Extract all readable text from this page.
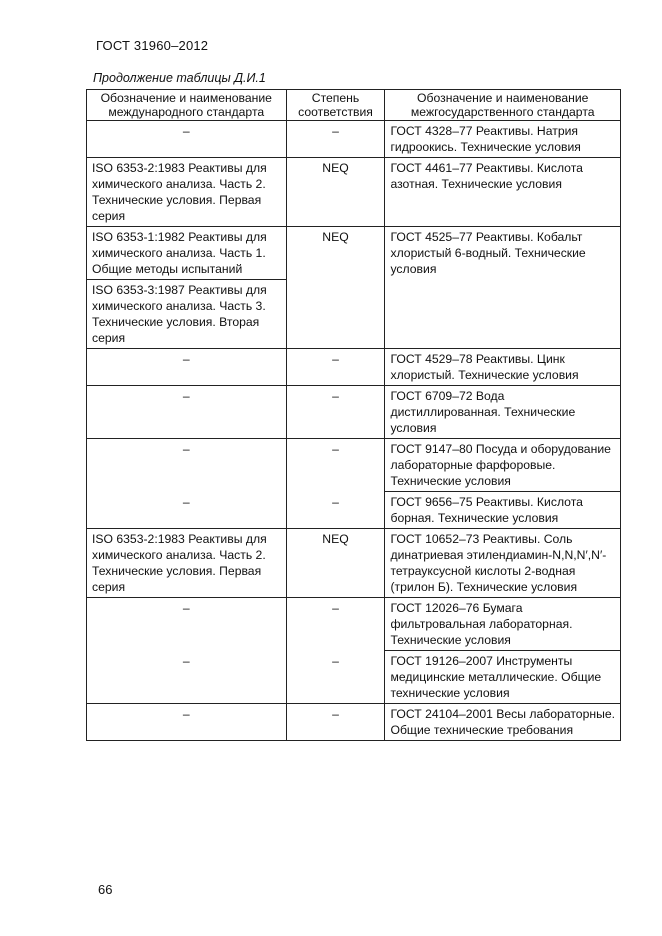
ГОСТ 31960–2012
Продолжение таблицы Д.И.1
Обозначение и наименование международного стандарта	Степень соответствия	Обозначение и наименование межгосударственного стандарта
–	–	ГОСТ 4328–77 Реактивы. Натрия гидроокись. Технические условия
ISO 6353-2:1983 Реактивы для химического анализа. Часть 2. Технические условия. Первая серия	NEQ	ГОСТ 4461–77 Реактивы. Кислота азотная. Технические условия
ISO 6353-1:1982 Реактивы для химического анализа. Часть 1. Общие методы испытаний	NEQ	ГОСТ 4525–77 Реактивы. Кобальт хлористый 6-водный. Технические условия
ISO 6353-3:1987 Реактивы для химического анализа. Часть 3. Технические условия. Вторая серия		
–	–	ГОСТ 4529–78 Реактивы. Цинк хлористый. Технические условия
–	–	ГОСТ 6709–72 Вода дистиллированная. Технические условия
–	–	ГОСТ 9147–80 Посуда и оборудование лабораторные фарфоровые. Технические условия
–	–	ГОСТ 9656–75 Реактивы. Кислота борная. Технические условия
ISO 6353-2:1983 Реактивы для химического анализа. Часть 2. Технические условия. Первая серия	NEQ	ГОСТ 10652–73 Реактивы. Соль динатриевая этилендиамин-N,N,N′,N′-тетрауксусной кислоты 2-водная (трилон Б). Технические условия
–	–	ГОСТ 12026–76 Бумага фильтровальная лабораторная. Технические условия
–	–	ГОСТ 19126–2007 Инструменты медицинские металлические. Общие технические условия
–	–	ГОСТ 24104–2001 Весы лабораторные. Общие технические требования
66
